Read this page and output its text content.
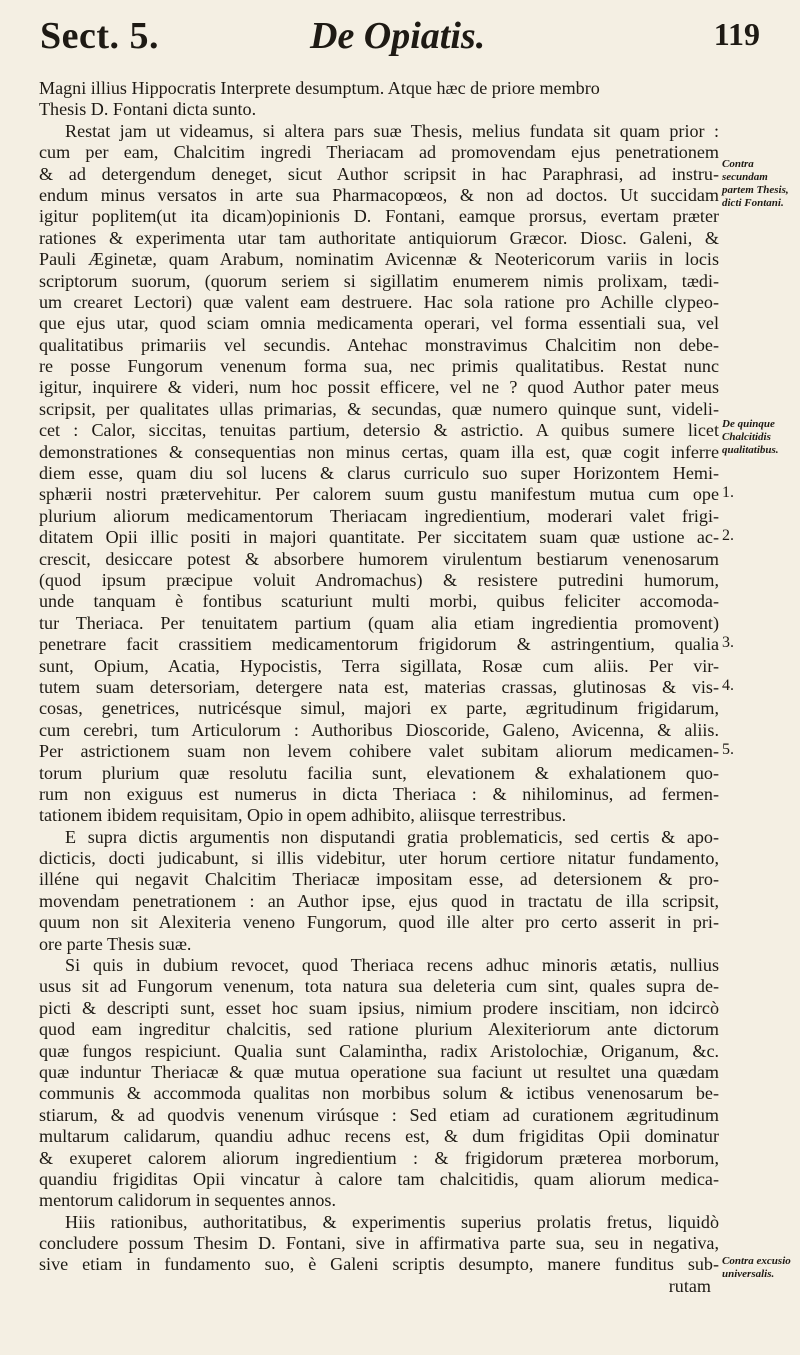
Sect. 5.	De Opiatis.	119
Magni illius Hippocratis Interprete desumptum. Atque hæc de priore membro
Thesis D. Fontani dicta sunto.
Restat jam ut videamus, si altera pars suæ Thesis, melius fundata sit quam prior :
cum per eam, Chalcitim ingredi Theriacam ad promovendam ejus penetrationem
& ad detergendum deneget, sicut Author scripsit in hac Paraphrasi, ad instru-
endum minus versatos in arte sua Pharmacopœos, & non ad doctos. Ut succidam
igitur poplitem(ut ita dicam)opinionis D. Fontani, eamque prorsus, evertam præter
rationes & experimenta utar tam authoritate antiquiorum Græcor. Diosc. Galeni, &
Pauli Æginetæ, quam Arabum, nominatim Avicennæ & Neotericorum variis in locis
scriptorum suorum, (quorum seriem si sigillatim enumerem nimis prolixam, tædi-
um crearet Lectori) quæ valent eam destruere. Hac sola ratione pro Achille clypeo-
que ejus utar, quod sciam omnia medicamenta operari, vel forma essentiali sua, vel
qualitatibus primariis vel secundis. Antehac monstravimus Chalcitim non debe-
re posse Fungorum venenum forma sua, nec primis qualitatibus. Restat nunc
igitur, inquirere & videri, num hoc possit efficere, vel ne ? quod Author pater meus
scripsit, per qualitates ullas primarias, & secundas, quæ numero quinque sunt, videli-
cet : Calor, siccitas, tenuitas partium, detersio & astrictio. A quibus sumere licet
demonstrationes & consequentias non minus certas, quam illa est, quæ cogit inferre
diem esse, quam diu sol lucens & clarus curriculo suo super Horizontem Hemi-
sphærii nostri prætervehitur. Per calorem suum gustu manifestum mutua cum ope
plurium aliorum medicamentorum Theriacam ingredientium, moderari valet frigi-
ditatem Opii illic positi in majori quantitate. Per siccitatem suam quæ ustione ac-
crescit, desiccare potest & absorbere humorem virulentum bestiarum venenosarum
(quod ipsum præcipue voluit Andromachus) & resistere putredini humorum,
unde tanquam è fontibus scaturiunt multi morbi, quibus feliciter accomoda-
tur Theriaca. Per tenuitatem partium (quam alia etiam ingredientia promovent)
penetrare facit crassitiem medicamentorum frigidorum & astringentium, qualia
sunt, Opium, Acatia, Hypocistis, Terra sigillata, Rosæ cum aliis. Per vir-
tutem suam detersoriam, detergere nata est, materias crassas, glutinosas & vis-
cosas, genetrices, nutricésque simul, majori ex parte, ægritudinum frigidarum,
cum cerebri, tum Articulorum : Authoribus Dioscoride, Galeno, Avicenna, & aliis.
Per astrictionem suam non levem cohibere valet subitam aliorum medicamen-
torum plurium quæ resolutu facilia sunt, elevationem & exhalationem quo-
rum non exiguus est numerus in dicta Theriaca : & nihilominus, ad fermen-
tationem ibidem requisitam, Opio in opem adhibito, aliisque terrestribus.
E supra dictis argumentis non disputandi gratia problematicis, sed certis & apo-
dicticis, docti judicabunt, si illis videbitur, uter horum certiore nitatur fundamento,
illéne qui negavit Chalcitim Theriacæ impositam esse, ad detersionem & pro-
movendam penetrationem : an Author ipse, ejus quod in tractatu de illa scripsit,
quum non sit Alexiteria veneno Fungorum, quod ille alter pro certo asserit in pri-
ore parte Thesis suæ.
Si quis in dubium revocet, quod Theriaca recens adhuc minoris ætatis, nullius
usus sit ad Fungorum venenum, tota natura sua deleteria cum sint, quales supra de-
picti & descripti sunt, esset hoc suam ipsius, nimium prodere inscitiam, non idcircò
quod eam ingreditur chalcitis, sed ratione plurium Alexiteriorum ante dictorum
quæ fungos respiciunt. Qualia sunt Calamintha, radix Aristolochiæ, Origanum, &c.
quæ induntur Theriacæ & quæ mutua operatione sua faciunt ut resultet una quædam
communis & accommoda qualitas non morbibus solum & ictibus venenosarum be-
stiarum, & ad quodvis venenum virúsque : Sed etiam ad curationem ægritudinum
multarum calidarum, quandiu adhuc recens est, & dum frigiditas Opii dominatur
& exuperet calorem aliorum ingredientium : & frigidorum præterea morborum,
quandiu frigiditas Opii vincatur à calore tam chalcitidis, quam aliorum medica-
mentorum calidorum in sequentes annos.
Hiis rationibus, authoritatibus, & experimentis superius prolatis fretus, liquidò
concludere possum Thesim D. Fontani, sive in affirmativa parte sua, seu in negativa,
sive etiam in fundamento suo, è Galeni scriptis desumpto, manere funditus sub-
rutam
Contra secundam partem Thesis, dicti Fontani.
De quinque Chalcitidis qualitatibus.
1.
2.
3.
4.
5.
Contra excusio universalis.
